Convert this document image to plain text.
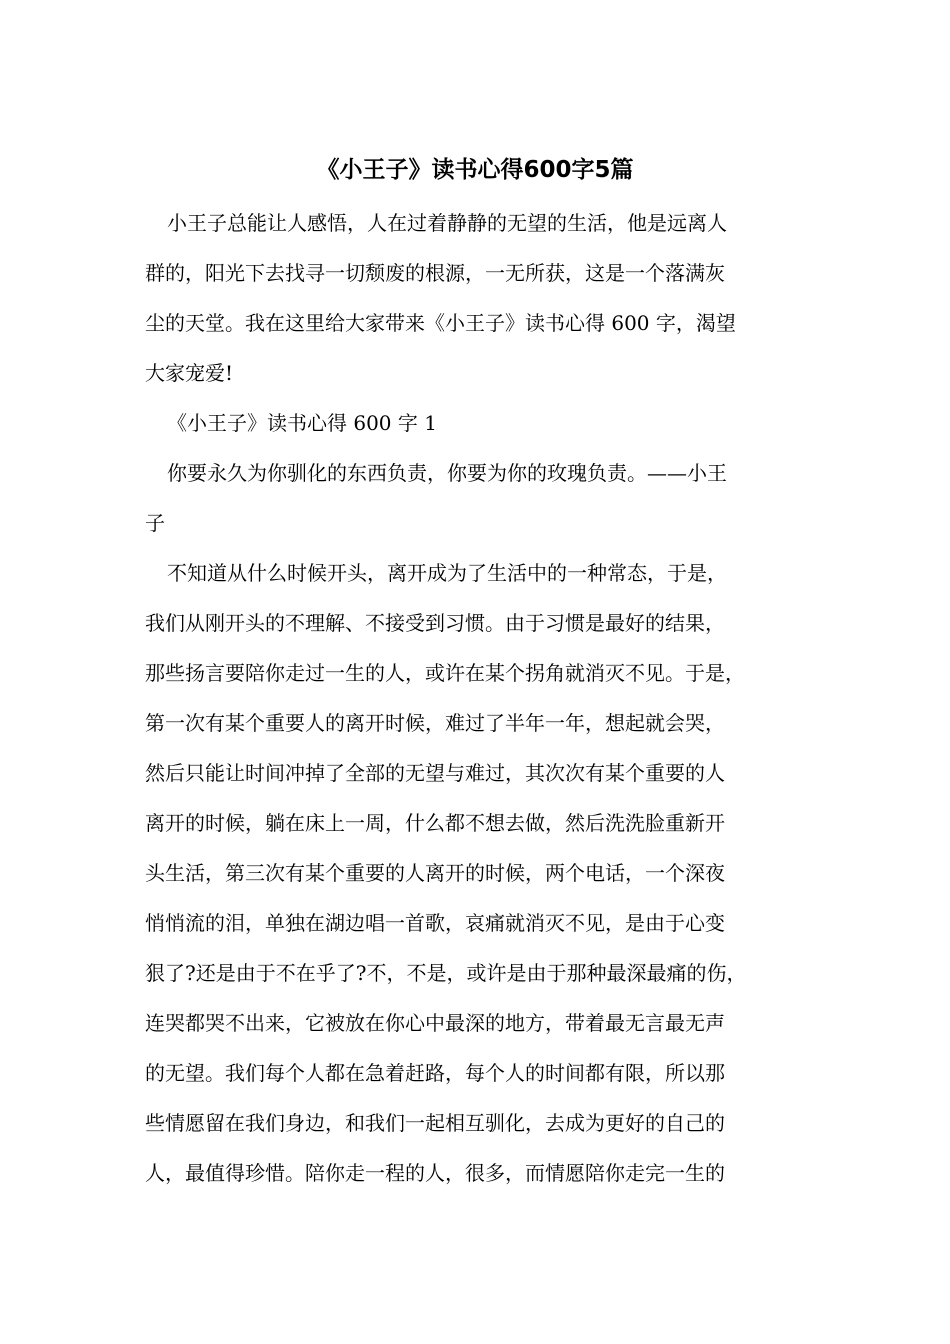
《小王子》读书心得600字5篇
小王子总能让人感悟，人在过着静静的无望的生活，他是远离人
群的，阳光下去找寻一切颓废的根源，一无所获，这是一个落满灰
尘的天堂。我在这里给大家带来《小王子》读书心得 600 字，渴望
大家宠爱!
《小王子》读书心得 600 字 1
你要永久为你驯化的东西负责，你要为你的玫瑰负责。——小王
子
不知道从什么时候开头，离开成为了生活中的一种常态，于是，
我们从刚开头的不理解、不接受到习惯。由于习惯是最好的结果，
那些扬言要陪你走过一生的人，或许在某个拐角就消灭不见。于是，
第一次有某个重要人的离开时候，难过了半年一年，想起就会哭，
然后只能让时间冲掉了全部的无望与难过，其次次有某个重要的人
离开的时候，躺在床上一周，什么都不想去做，然后洗洗脸重新开
头生活，第三次有某个重要的人离开的时候，两个电话，一个深夜
悄悄流的泪，单独在湖边唱一首歌，哀痛就消灭不见，是由于心变
狠了?还是由于不在乎了?不，不是，或许是由于那种最深最痛的伤，
连哭都哭不出来，它被放在你心中最深的地方，带着最无言最无声
的无望。我们每个人都在急着赶路，每个人的时间都有限，所以那
些情愿留在我们身边，和我们一起相互驯化，去成为更好的自己的
人，最值得珍惜。陪你走一程的人，很多，而情愿陪你走完一生的
